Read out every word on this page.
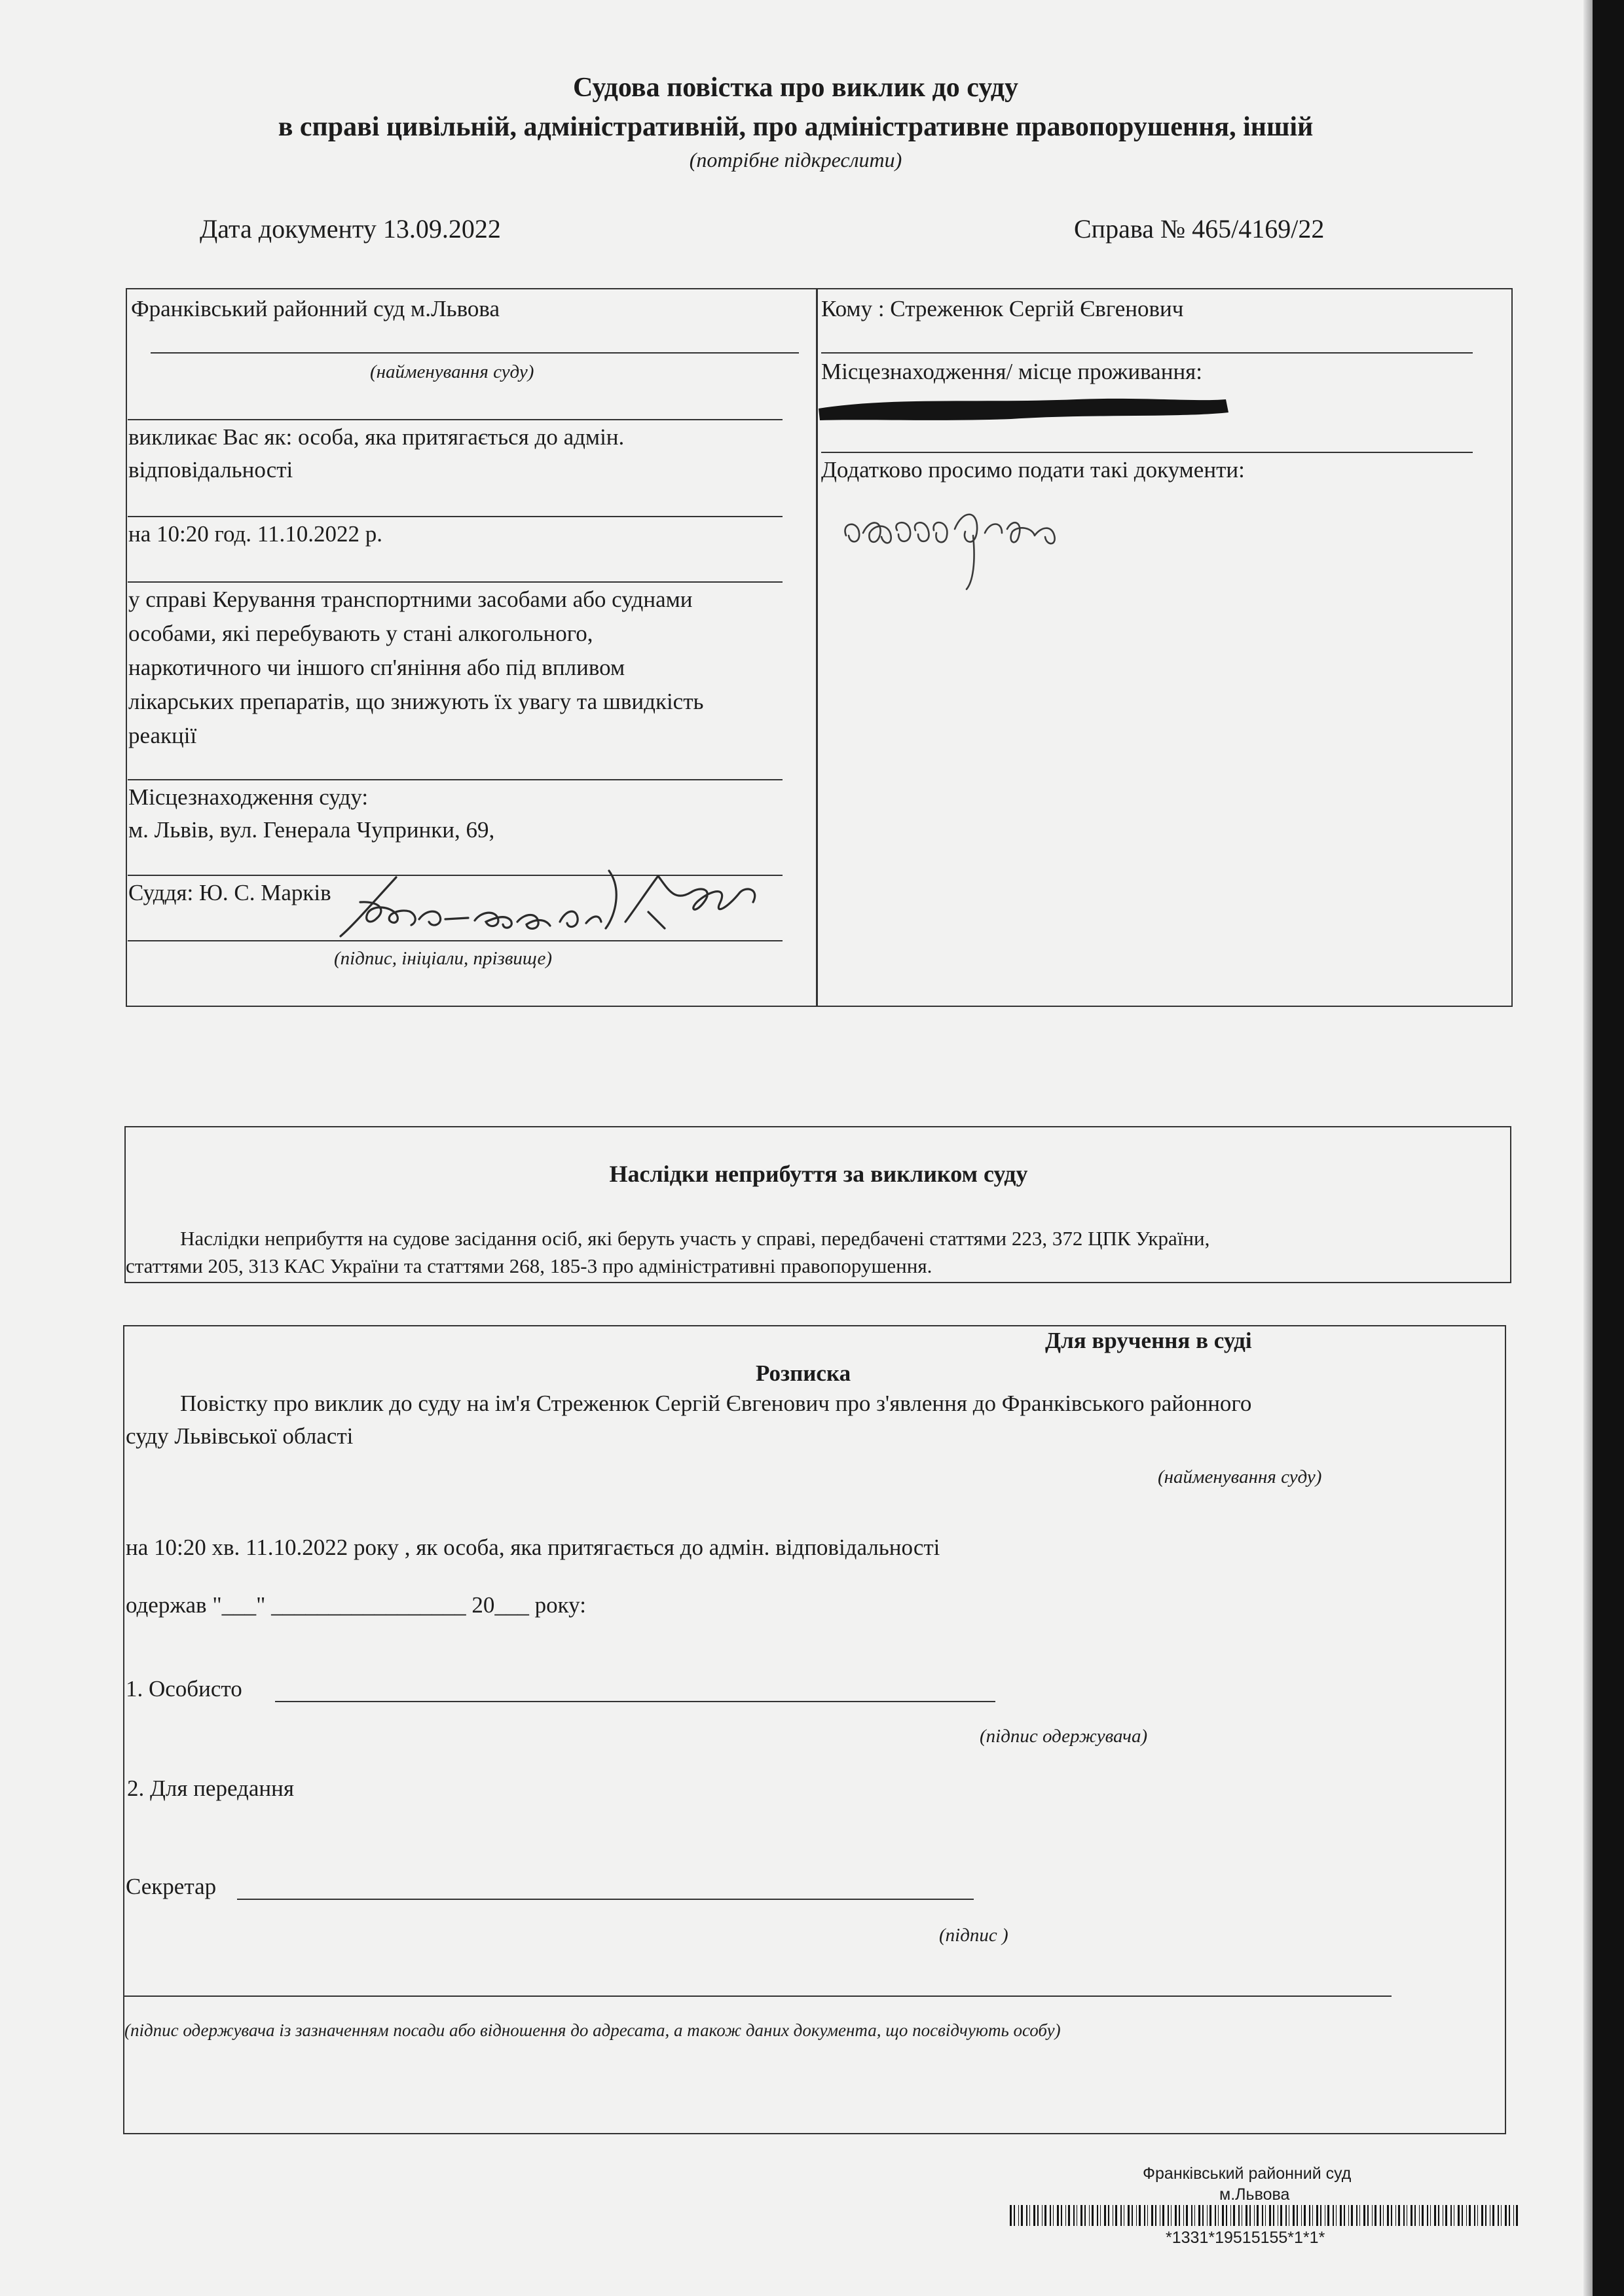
Судова повістка про виклик до суду
в справі цивільній, адміністративній, про адміністративне правопорушення, іншій
(потрібне підкреслити)
Дата документу 13.09.2022	Справа № 465/4169/22
Франківський районний суд м.Львова
(найменування суду)
викликає Вас як: особа, яка притягається до адмін.
відповідальності
на 10:20 год. 11.10.2022 р.
у справі Керування транспортними засобами або суднами
особами, які перебувають у стані алкогольного,
наркотичного чи іншого сп'яніння або під впливом
лікарських препаратів, що знижують їх увагу та швидкість
реакції
Місцезнаходження суду:
м. Львів, вул. Генерала Чупринки, 69,
Суддя: Ю. С. Марків
(підпис, ініціали, прізвище)
Кому : Стреженюк Сергій Євгенович
Місцезнаходження/ місце проживання:
Додатково просимо подати такі документи:
Наслідки неприбуття за викликом суду
Наслідки неприбуття на судове засідання осіб, які беруть участь у справі, передбачені статтями 223, 372 ЦПК України,
статтями 205, 313 КАС України та статтями 268, 185-3 про адміністративні правопорушення.
Для вручення в суді
Розписка
Повістку про виклик до суду на ім'я Стреженюк Сергій Євгенович про з'явлення до Франківського районного
суду Львівської області
(найменування суду)
на 10:20 хв. 11.10.2022 року , як особа, яка притягається до адмін. відповідальності
одержав "___" _________________ 20___ року:
1. Особисто
(підпис одержувача)
2. Для передання
Секретар
(підпис )
(підпис одержувача із зазначенням посади або відношення до адресата, а також даних документа, що посвідчують особу)
Франківський районний суд
м.Львова
*1331*19515155*1*1*
